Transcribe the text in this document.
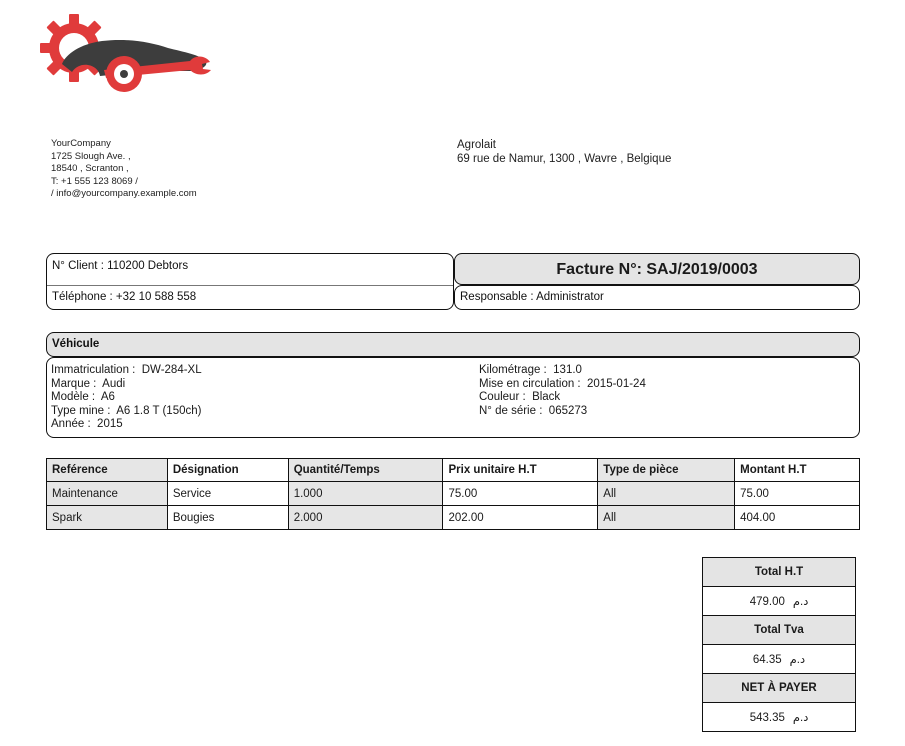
YourCompany
1725 Slough Ave. ,
18540 , Scranton ,
T: +1 555 123 8069 /
/ info@yourcompany.example.com
Agrolait
69 rue de Namur, 1300 , Wavre , Belgique
N° Client : 110200 Debtors
Téléphone : +32 10 588 558
Facture N°: SAJ/2019/0003
Responsable : Administrator
Véhicule
Immatriculation : DW-284-XL
Marque : Audi
Modèle : A6
Type mine : A6 1.8 T (150ch)
Année : 2015
Kilométrage : 131.0
Mise en circulation : 2015-01-24
Couleur : Black
N° de série : 065273
Reférence	Désignation	Quantité/Temps	Prix unitaire H.T	Type de pièce	Montant H.T
Maintenance	Service	1.000	75.00	All	75.00
Spark	Bougies	2.000	202.00	All	404.00
Total H.T
479.00 د.م
Total Tva
64.35 د.م
NET À PAYER
543.35 د.م
